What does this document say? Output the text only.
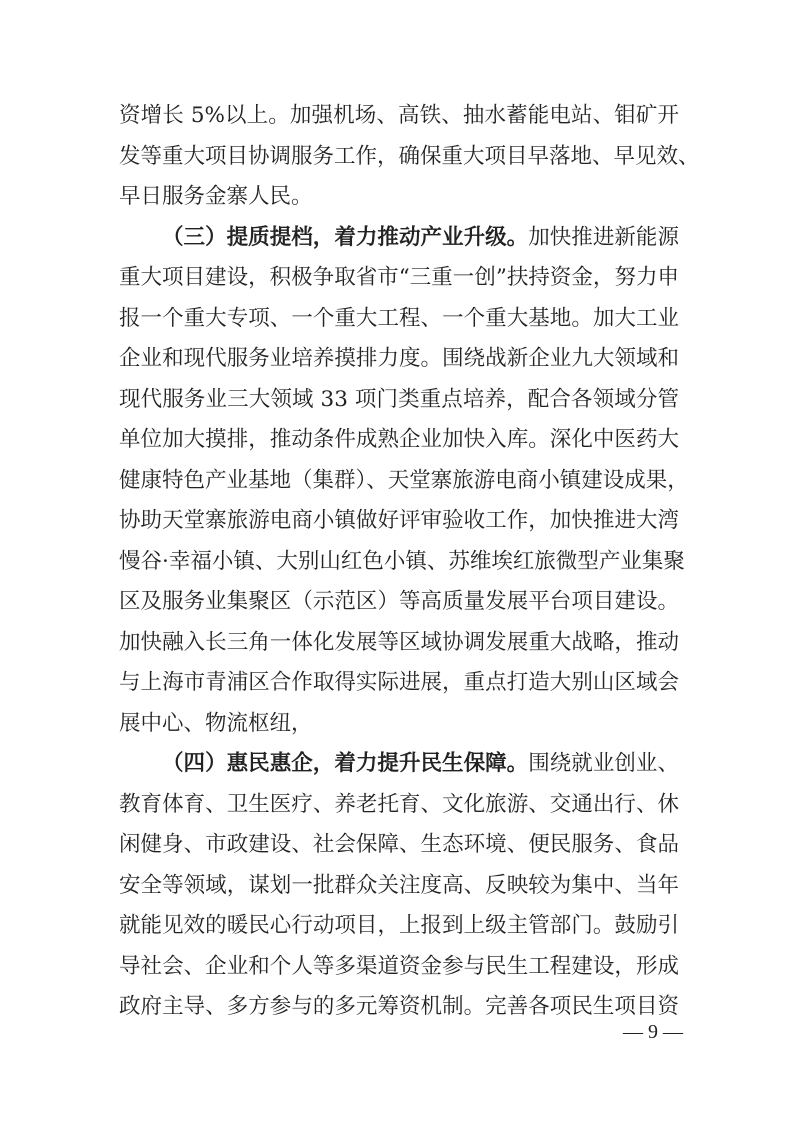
资增长 5%以上。加强机场、高铁、抽水蓄能电站、钼矿开
发等重大项目协调服务工作，确保重大项目早落地、早见效、
早日服务金寨人民。
（三）提质提档，着力推动产业升级。加快推进新能源
重大项目建设，积极争取省市“三重一创”扶持资金，努力申
报一个重大专项、一个重大工程、一个重大基地。加大工业
企业和现代服务业培养摸排力度。围绕战新企业九大领域和
现代服务业三大领域 33 项门类重点培养，配合各领域分管
单位加大摸排，推动条件成熟企业加快入库。深化中医药大
健康特色产业基地（集群）、天堂寨旅游电商小镇建设成果，
协助天堂寨旅游电商小镇做好评审验收工作，加快推进大湾
慢谷·幸福小镇、大别山红色小镇、苏维埃红旅微型产业集聚
区及服务业集聚区（示范区）等高质量发展平台项目建设。
加快融入长三角一体化发展等区域协调发展重大战略，推动
与上海市青浦区合作取得实际进展，重点打造大别山区域会
展中心、物流枢纽，
（四）惠民惠企，着力提升民生保障。围绕就业创业、
教育体育、卫生医疗、养老托育、文化旅游、交通出行、休
闲健身、市政建设、社会保障、生态环境、便民服务、食品
安全等领域，谋划一批群众关注度高、反映较为集中、当年
就能见效的暖民心行动项目，上报到上级主管部门。鼓励引
导社会、企业和个人等多渠道资金参与民生工程建设，形成
政府主导、多方参与的多元筹资机制。完善各项民生项目资
— 9 —
